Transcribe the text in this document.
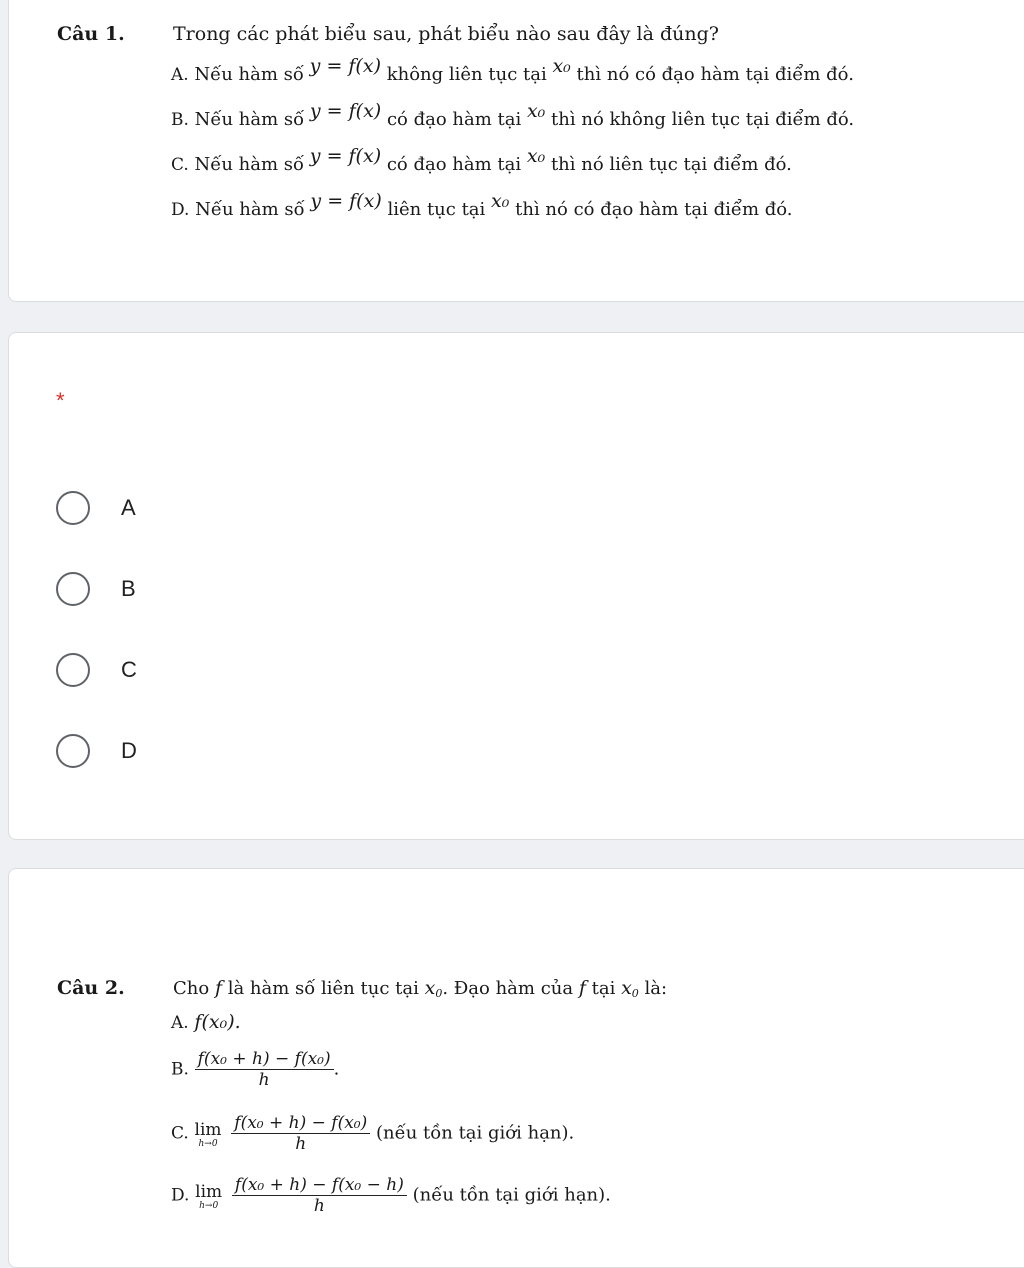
Câu 1.	Trong các phát biểu sau, phát biểu nào sau đây là đúng?
A. Nếu hàm số y = f(x) không liên tục tại x₀ thì nó có đạo hàm tại điểm đó.
B. Nếu hàm số y = f(x) có đạo hàm tại x₀ thì nó không liên tục tại điểm đó.
C. Nếu hàm số y = f(x) có đạo hàm tại x₀ thì nó liên tục tại điểm đó.
D. Nếu hàm số y = f(x) liên tục tại x₀ thì nó có đạo hàm tại điểm đó.
*
A
B
C
D
Câu 2.	Cho f là hàm số liên tục tại $x_0$. Đạo hàm của f tại $x_0$ là:
A. f(x₀).
B. $\frac{\text{f(x₀ + h) − f(x₀)}}{h}$ .
C. lim
h→0
$\frac{\text{f(x₀ + h) − f(x₀)}}{h}$ (nếu tồn tại giới hạn).
D. lim
h→0
$\frac{\text{f(x₀ + h) − f(x₀ − h)}}{h}$ (nếu tồn tại giới hạn).
